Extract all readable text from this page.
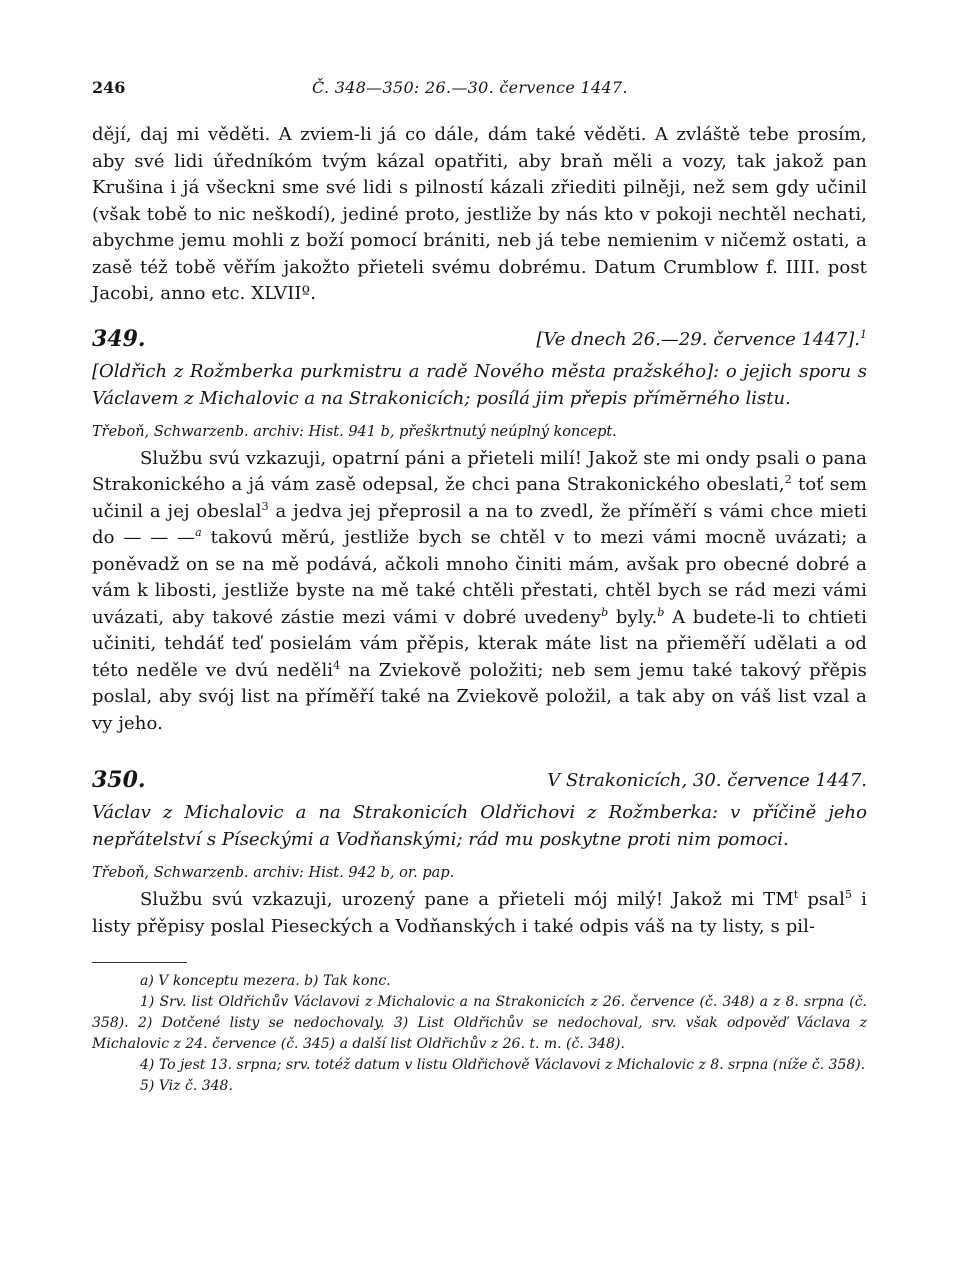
246	Č. 348—350: 26.—30. července 1447.
dějí, daj mi věděti. A zviem-li já co dále, dám také věděti. A zvláště tebe prosím, aby své lidi úředníkóm tvým kázal opatřiti, aby braň měli a vozy, tak jakož pan Krušina i já všeckni sme své lidi s pilností kázali zřiediti pilněji, než sem gdy učinil (však tobě to nic neškodí), jediné proto, jestliže by nás kto v pokoji nechtěl nechati, abychme jemu mohli z boží pomocí brániti, neb já tebe nemienim v ničemž ostati, a zasě též tobě věřím jakožto přieteli svému dobrému. Datum Crumblow f. IIII. post Jacobi, anno etc. XLVIIº.
349.	[Ve dnech 26.—29. července 1447].$^1$
[Oldřich z Rožmberka purkmistru a radě Nového města pražského]: o jejich sporu s Václavem z Michalovic a na Strakonicích; posílá jim přepis přímĕrného listu.
Třeboň, Schwarzenb. archiv: Hist. 941 b, přeškrtnutý neúplný koncept.
Službu svú vzkazuji, opatrní páni a přieteli milí! Jakož ste mi ondy psali o pana Strakonického a já vám zasě odepsal, že chci pana Strakonického obeslati,$^2$ toť sem učinil a jej obeslal$^3$ a jedva jej přeprosil a na to zvedl, že příměří s vámi chce mieti do — — —$^a$ takovú měrú, jestliže bych se chtěl v to mezi vámi mocně uvázati; a poněvadž on se na mě podává, ačkoli mnoho činiti mám, avšak pro obecné dobré a vám k libosti, jestliže byste na mě také chtěli přestati, chtěl bych se rád mezi vámi uvázati, aby takové zástie mezi vámi v dobré uvedeny$^b$ byly.$^b$ A budete-li to chtieti učiniti, tehdáť teď posielám vám přěpis, kterak máte list na přieměří udělati a od této neděle ve dvú neděli$^4$ na Zviekově položiti; neb sem jemu také takový přěpis poslal, aby svój list na příměří také na Zviekově položil, a tak aby on váš list vzal a vy jeho.
350.	V Strakonicích, 30. července 1447.
Václav z Michalovic a na Strakonicích Oldřichovi z Rožmberka: v příčině jeho nepřátelství s Píseckými a Vodňanskými; rád mu poskytne proti nim pomoci.
Třeboň, Schwarzenb. archiv: Hist. 942 b, or. pap.
Službu svú vzkazuji, urozený pane a přieteli mój milý! Jakož mi $TM^t$ psal$^5$ i listy přěpisy poslal Pieseckých a Vodňanských i také odpis váš na ty listy, s pil-
a) V konceptu mezera. b) Tak konc.
1) Srv. list Oldřichův Václavovi z Michalovic a na Strakonicích z 26. července (č. 348) a z 8. srpna (č. 358). 2) Dotčené listy se nedochovaly. 3) List Oldřichův se nedochoval, srv. však odpověď Václava z Michalovic z 24. července (č. 345) a další list Oldřichův z 26. t. m. (č. 348).
4) To jest 13. srpna; srv. totéž datum v listu Oldřichově Václavovi z Michalovic z 8. srpna (níže č. 358).
5) Viz č. 348.
